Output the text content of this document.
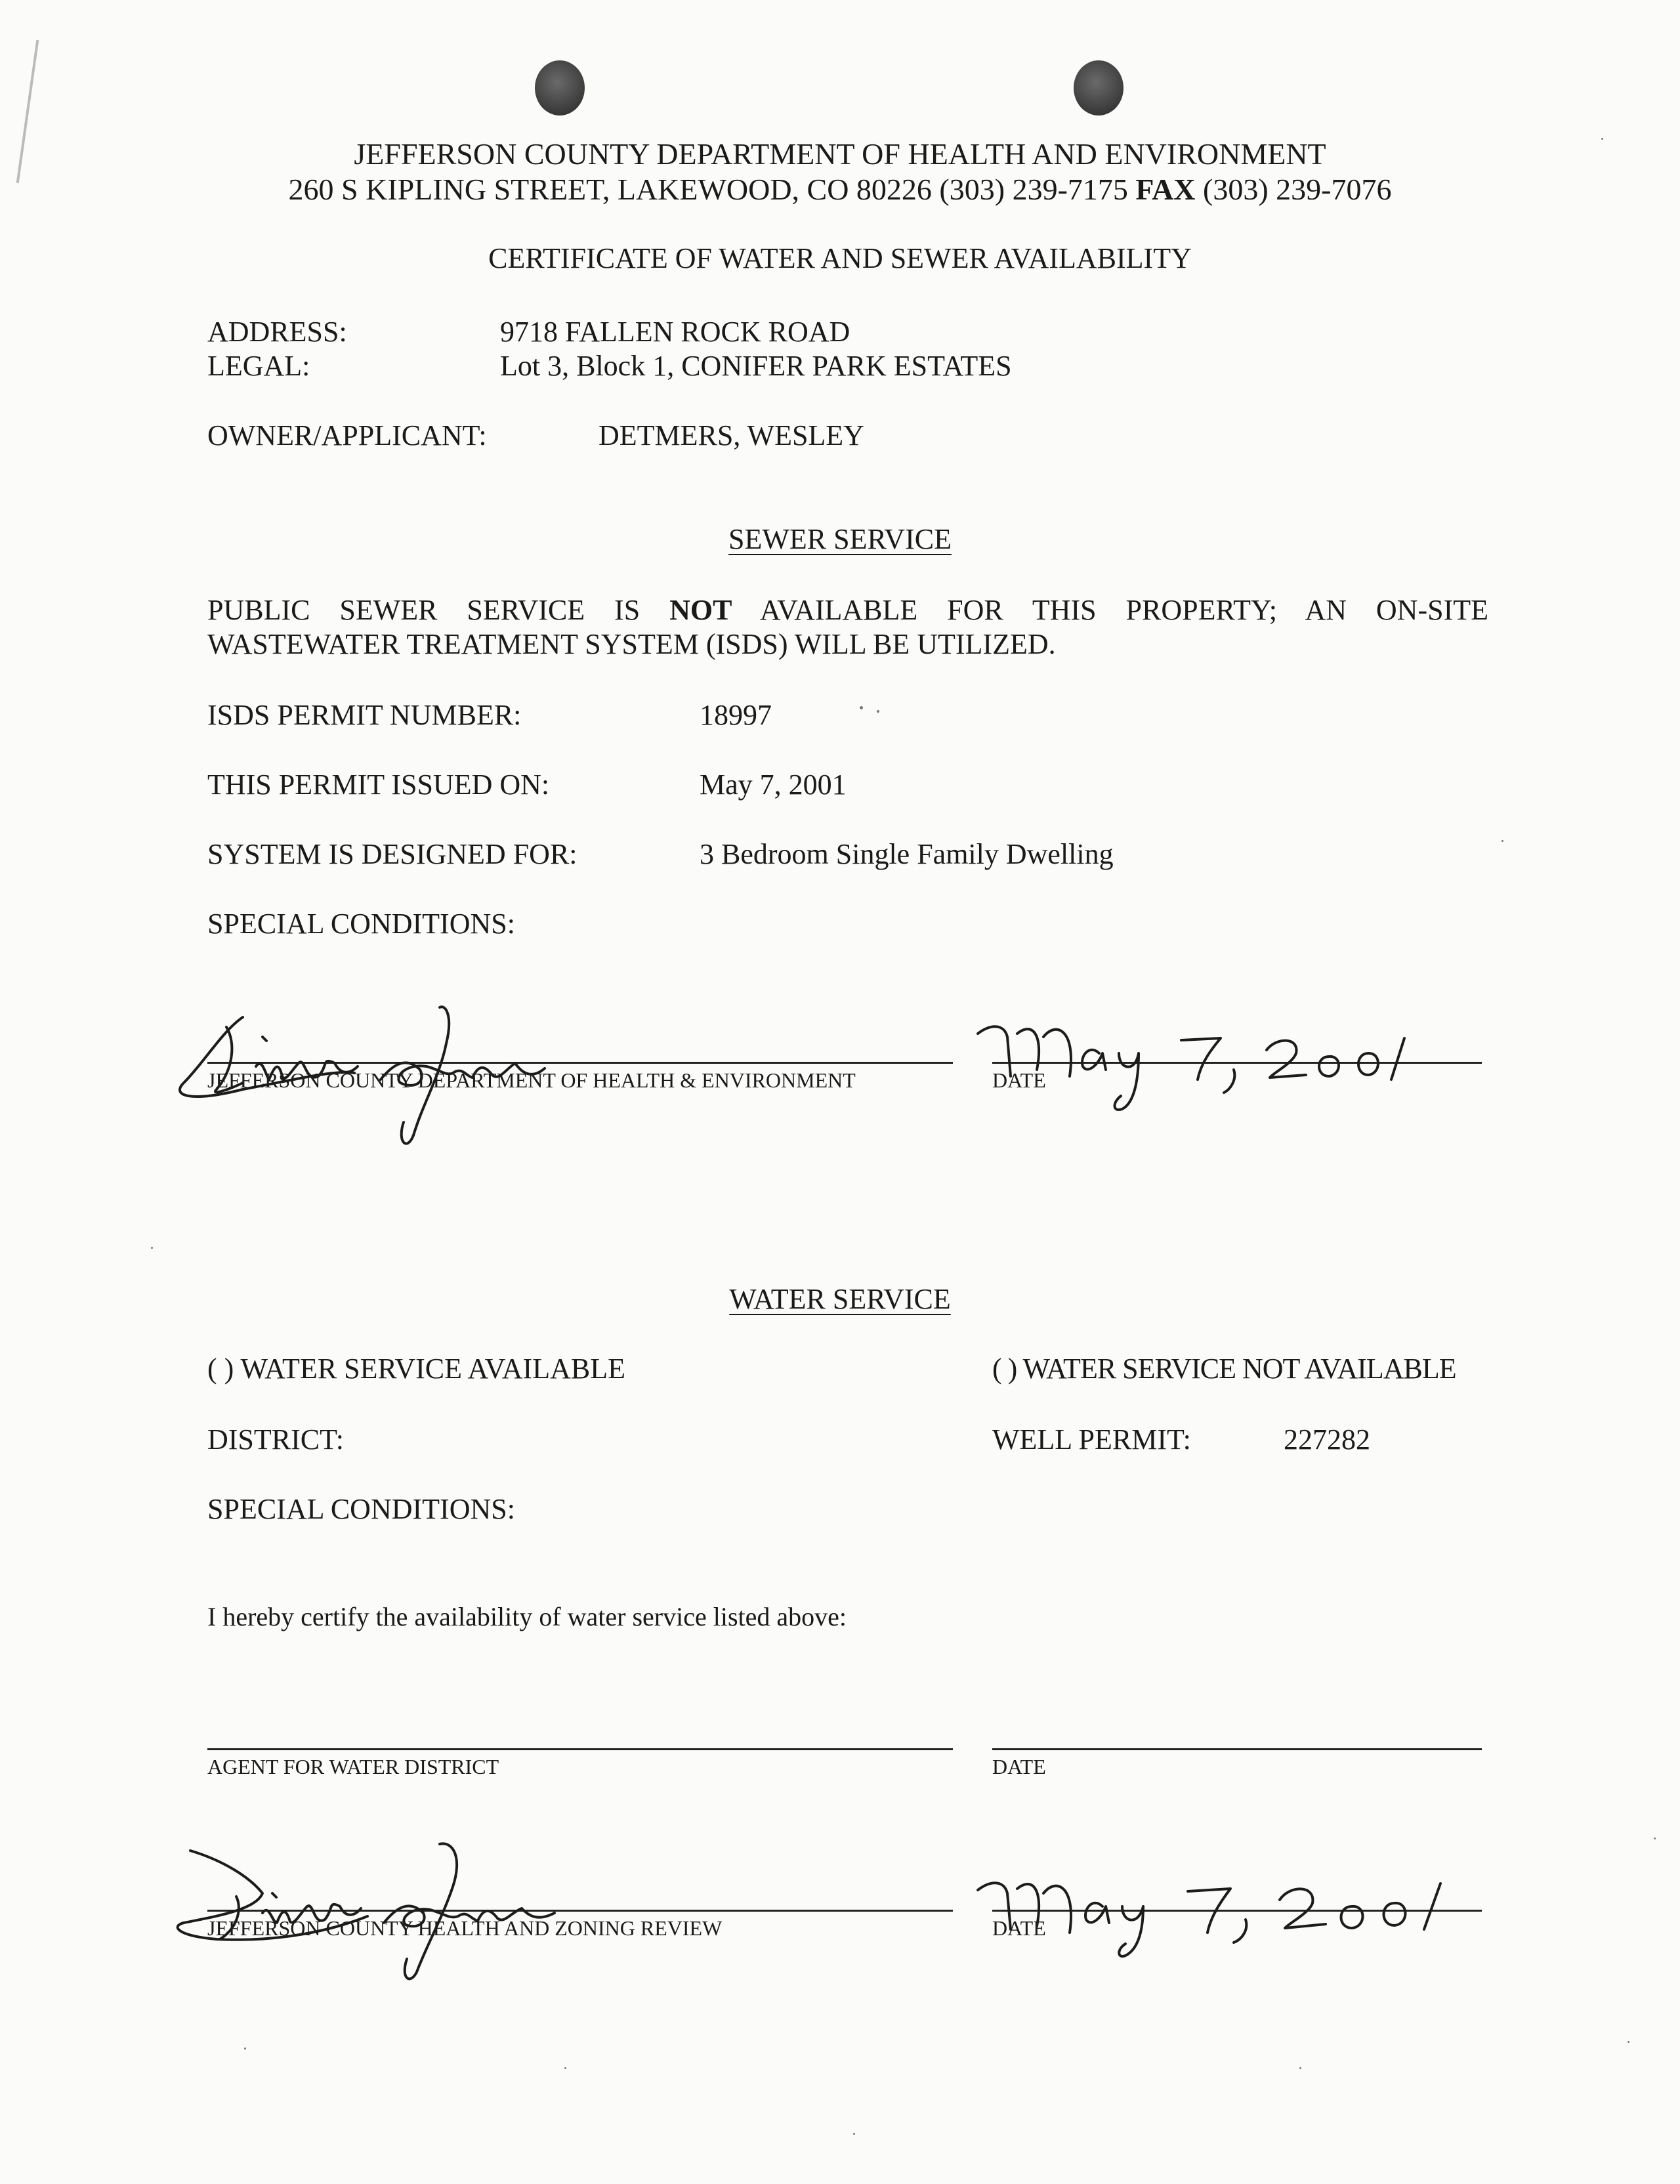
JEFFERSON COUNTY DEPARTMENT OF HEALTH AND ENVIRONMENT
260 S KIPLING STREET, LAKEWOOD, CO 80226 (303) 239-7175 FAX (303) 239-7076
CERTIFICATE OF WATER AND SEWER AVAILABILITY
ADDRESS:	9718 FALLEN ROCK ROAD
LEGAL:	Lot 3, Block 1, CONIFER PARK ESTATES
OWNER/APPLICANT:	DETMERS, WESLEY
SEWER SERVICE
PUBLIC SEWER SERVICE IS NOT AVAILABLE FOR THIS PROPERTY; AN ON-SITE
WASTEWATER TREATMENT SYSTEM (ISDS) WILL BE UTILIZED.
ISDS PERMIT NUMBER:	18997
THIS PERMIT ISSUED ON:	May 7, 2001
SYSTEM IS DESIGNED FOR:	3 Bedroom Single Family Dwelling
SPECIAL CONDITIONS:
JEFFERSON COUNTY DEPARTMENT OF HEALTH & ENVIRONMENT	DATE
WATER SERVICE
( ) WATER SERVICE AVAILABLE	( ) WATER SERVICE NOT AVAILABLE
DISTRICT:	WELL PERMIT:	227282
SPECIAL CONDITIONS:
I hereby certify the availability of water service listed above:
AGENT FOR WATER DISTRICT	DATE
JEFFERSON COUNTY HEALTH AND ZONING REVIEW	DATE
